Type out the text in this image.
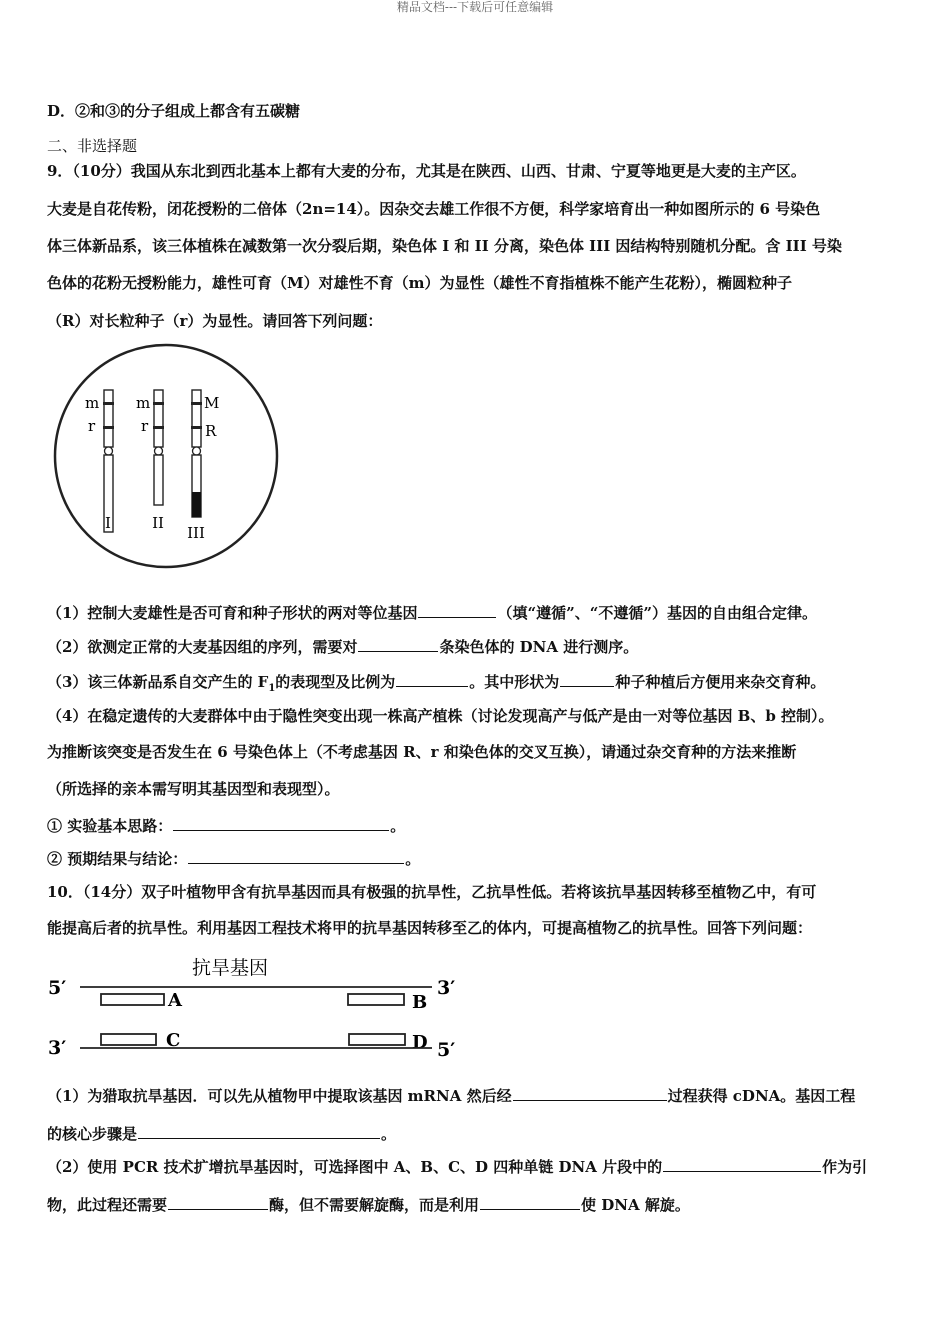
精品文档---下载后可任意编辑
D．②和③的分子组成上都含有五碳糖
二、非选择题
9．（10分）我国从东北到西北基本上都有大麦的分布，尤其是在陕西、山西、甘肃、宁夏等地更是大麦的主产区。
大麦是自花传粉，闭花授粉的二倍体（2n=14）。因杂交去雄工作很不方便，科学家培育出一种如图所示的 6 号染色
体三体新品系，该三体植株在减数第一次分裂后期，染色体 I 和 II 分离，染色体 III 因结构特别随机分配。含 III 号染
色体的花粉无授粉能力，雄性可育（M）对雄性不育（m）为显性（雄性不育指植株不能产生花粉），椭圆粒种子
（R）对长粒种子（r）为显性。请回答下列问题：
m
r
I
m
r
II
M
R
III
（1）控制大麦雄性是否可育和种子形状的两对等位基因	（填“遵循”、“不遵循”）基因的自由组合定律。
（2）欲测定正常的大麦基因组的序列，需要对	条染色体的 DNA 进行测序。
（3）该三体新品系自交产生的 $F_1$的表现型及比例为	。其中形状为	种子种植后方便用来杂交育种。
（4）在稳定遗传的大麦群体中由于隐性突变出现一株高产植株（讨论发现高产与低产是由一对等位基因 B、b 控制）。
为推断该突变是否发生在 6 号染色体上（不考虑基因 R、r 和染色体的交叉互换），请通过杂交育种的方法来推断
（所选择的亲本需写明其基因型和表现型）。
① 实验基本思路：	。
② 预期结果与结论：	。
10．（14分）双子叶植物甲含有抗旱基因而具有极强的抗旱性，乙抗旱性低。若将该抗旱基因转移至植物乙中，有可
能提高后者的抗旱性。利用基因工程技术将甲的抗旱基因转移至乙的体内，可提高植物乙的抗旱性。回答下列问题：
抗旱基因
5′	3′
A	B
C	D
3′	5′
（1）为猎取抗旱基因．可以先从植物甲中提取该基因 mRNA 然后经	过程获得 cDNA。基因工程
的核心步骤是	。
（2）使用 PCR 技术扩增抗旱基因时，可选择图中 A、B、C、D 四种单链 DNA 片段中的	作为引
物，此过程还需要	酶，但不需要解旋酶，而是利用	使 DNA 解旋。
